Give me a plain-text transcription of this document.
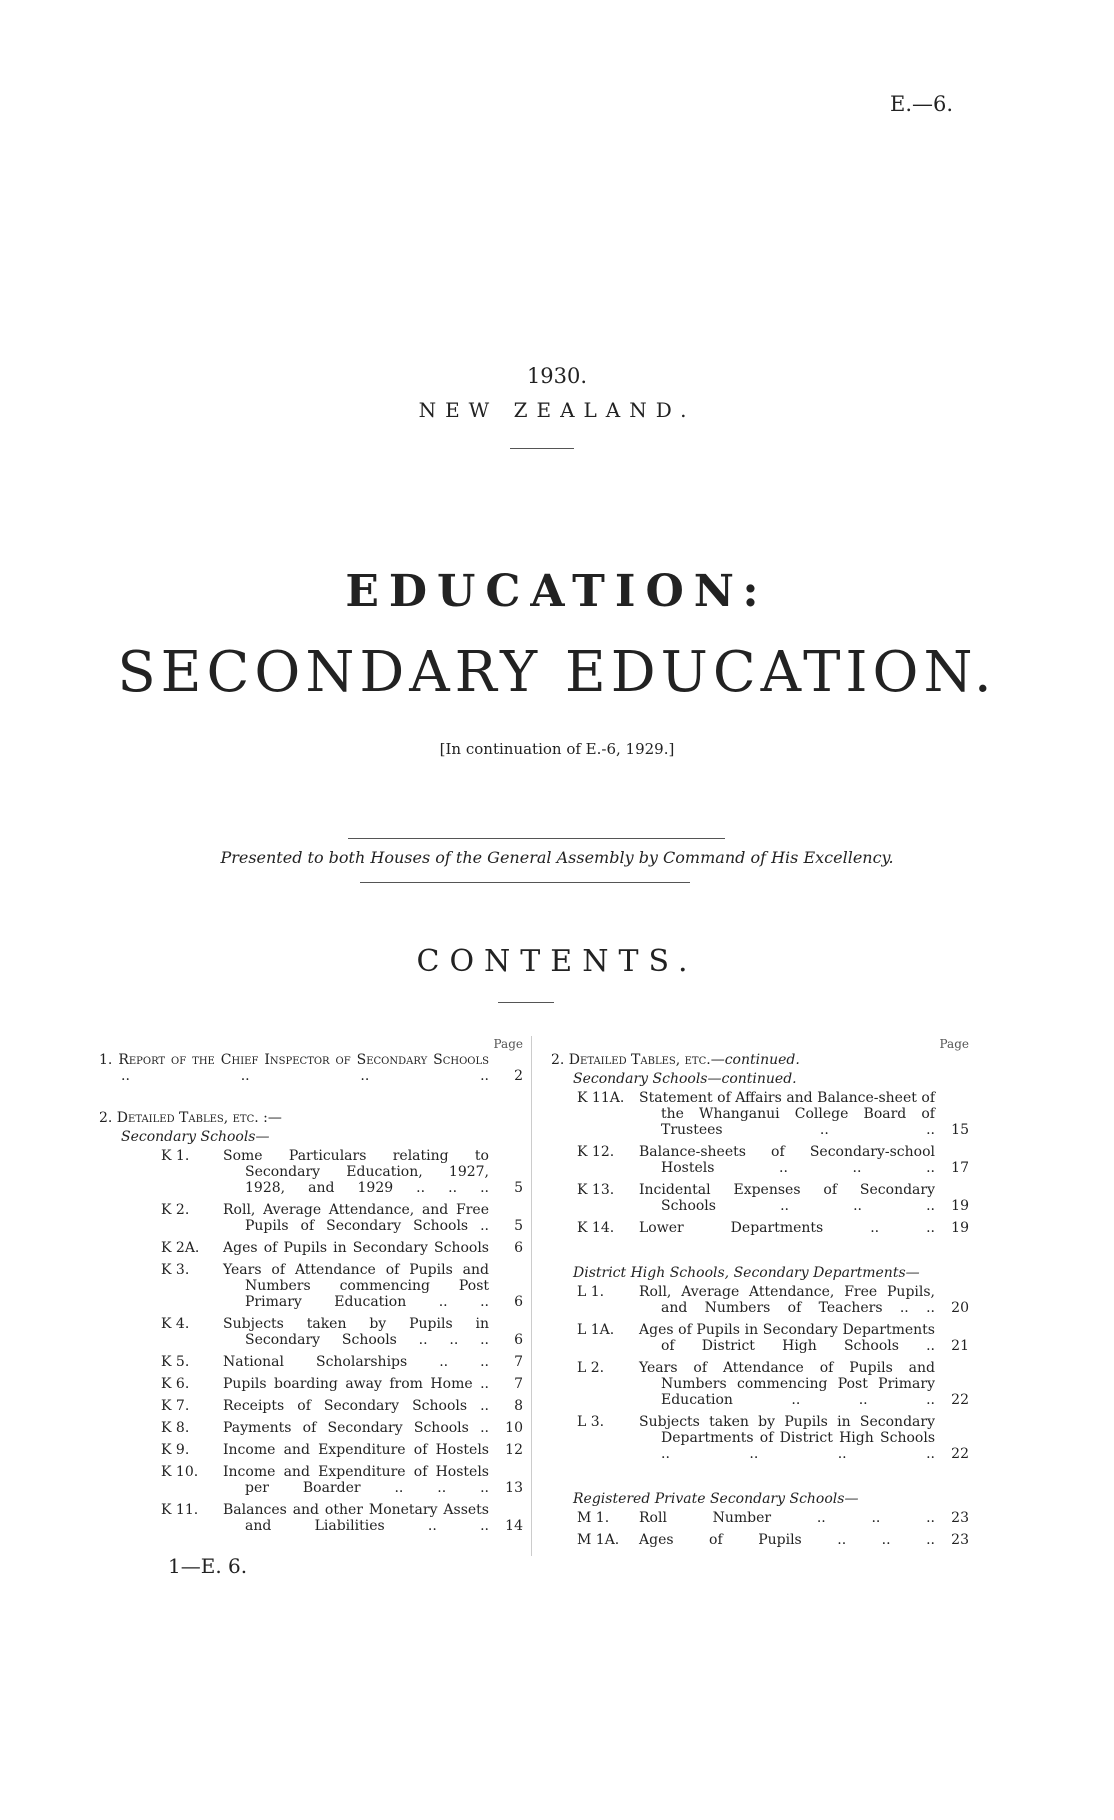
E.—6.
1930.
NEW ZEALAND.
EDUCATION:
SECONDARY EDUCATION.
[In continuation of E.-6, 1929.]
Presented to both Houses of the General Assembly by Command of His Excellency.
CONTENTS.
Page
1. Report of the Chief Inspector of Secondary Schools .. .. .. ..	2
2. Detailed Tables, etc. :—
Secondary Schools—
K 1.	Some Particulars relating to Secondary Education, 1927, 1928, and 1929 .. .. ..	5
K 2.	Roll, Average Attendance, and Free Pupils of Secondary Schools ..	5
K 2A.	Ages of Pupils in Secondary Schools	6
K 3.	Years of Attendance of Pupils and Numbers commencing Post Primary Education .. ..	6
K 4.	Subjects taken by Pupils in Secondary Schools .. .. ..	6
K 5.	National Scholarships .. ..	7
K 6.	Pupils boarding away from Home ..	7
K 7.	Receipts of Secondary Schools ..	8
K 8.	Payments of Secondary Schools ..	10
K 9.	Income and Expenditure of Hostels	12
K 10.	Income and Expenditure of Hostels per Boarder .. .. ..	13
K 11.	Balances and other Monetary Assets and Liabilities .. ..	14
Page
2. Detailed Tables, etc.—continued.
Secondary Schools—continued.
K 11A.	Statement of Affairs and Balance-sheet of the Whanganui College Board of Trustees .. ..	15
K 12.	Balance-sheets of Secondary-school Hostels .. .. ..	17
K 13.	Incidental Expenses of Secondary Schools .. .. ..	19
K 14.	Lower Departments .. ..	19
District High Schools, Secondary Departments—
L 1.	Roll, Average Attendance, Free Pupils, and Numbers of Teachers .. ..	20
L 1A.	Ages of Pupils in Secondary Departments of District High Schools ..	21
L 2.	Years of Attendance of Pupils and Numbers commencing Post Primary Education .. .. ..	22
L 3.	Subjects taken by Pupils in Secondary Departments of District High Schools .. .. .. ..	22
Registered Private Secondary Schools—
M 1.	Roll Number .. .. ..	23
M 1A.	Ages of Pupils .. .. ..	23
1—E. 6.
